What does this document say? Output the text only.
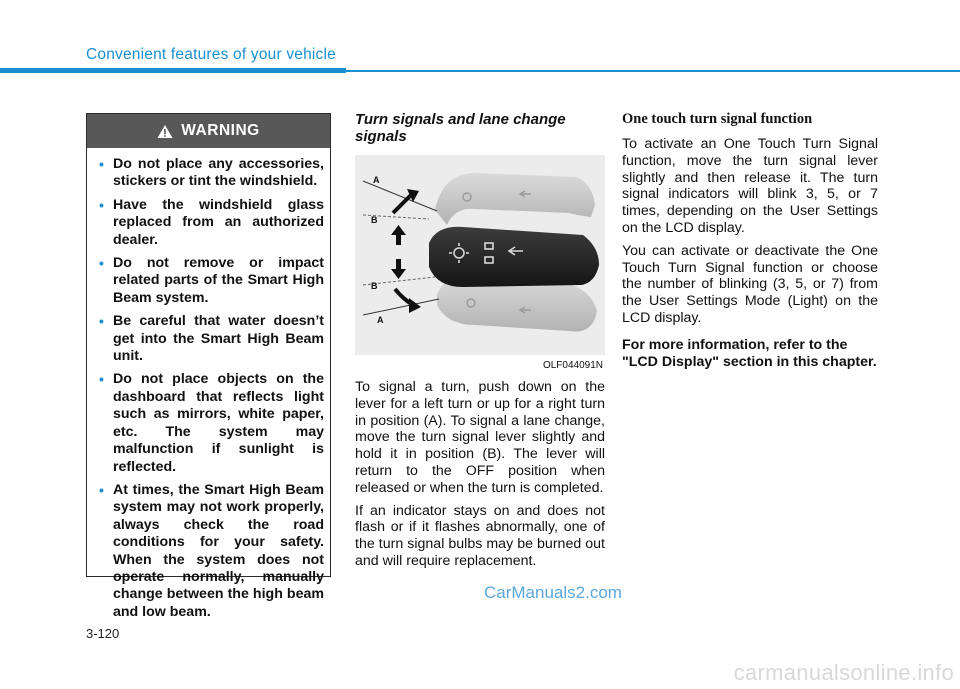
Convenient features of your vehicle
WARNING
• Do not place any accessories, stickers or tint the windshield.
• Have the windshield glass replaced from an authorized dealer.
• Do not remove or impact related parts of the Smart High Beam system.
• Be careful that water doesn’t get into the Smart High Beam unit.
• Do not place objects on the dashboard that reflects light such as mirrors, white paper, etc. The system may malfunction if sunlight is reflected.
• At times, the Smart High Beam system may not work properly, always check the road conditions for your safety. When the system does not operate normally, manually change between the high beam and low beam.
Turn signals and lane change signals
A
B
B
A
OLF044091N

To signal a turn, push down on the lever for a left turn or up for a right turn in position (A). To signal a lane change, move the turn signal lever slightly and hold it in position (B). The lever will return to the OFF position when released or when the turn is completed.

If an indicator stays on and does not flash or if it flashes abnormally, one of the turn signal bulbs may be burned out and will require replacement.

One touch turn signal function

To activate an One Touch Turn Signal function, move the turn signal lever slightly and then release it. The turn signal indicators will blink 3, 5, or 7 times, depending on the User Settings on the LCD display.

You can activate or deactivate the One Touch Turn Signal function or choose the number of blinking (3, 5, or 7) from the User Settings Mode (Light) on the LCD display.

For more information, refer to the "LCD Display" section in this chapter.

CarManuals2.com
3-120
carmanualsonline.info
